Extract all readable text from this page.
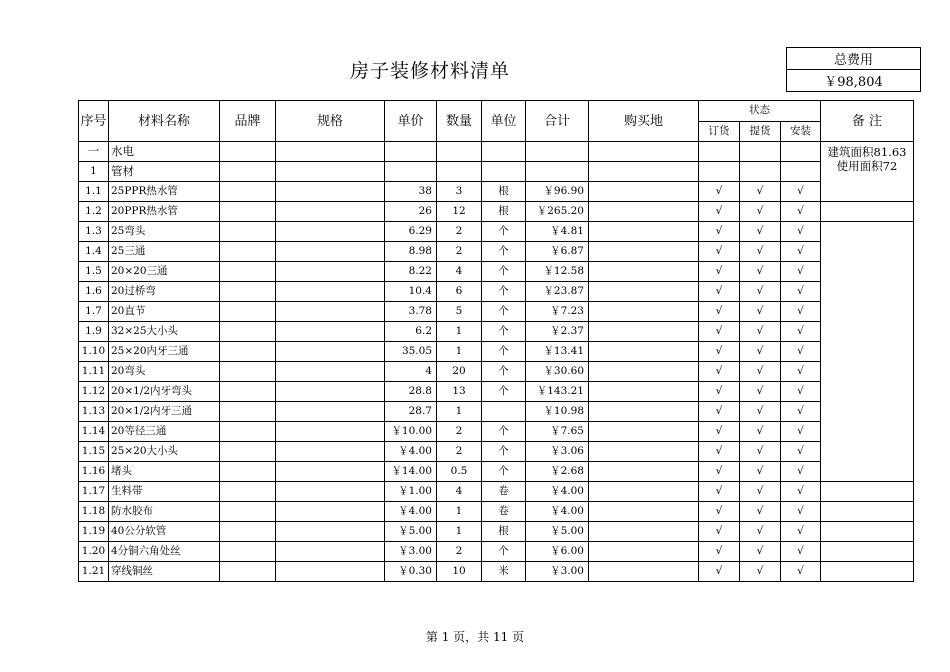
房子装修材料清单	总费用
￥98,804
序号	材料名称	品牌	规格	单价	数量	单位	合计	购买地	状态			备 注
									订货	提货	安装	
一	水电											建筑面积81.63 使用面积72
1	管材											
1.1	25PPR热水管			38	3	根	￥96.90		√	√	√	
1.2	20PPR热水管			26	12	根	￥265.20		√	√	√	
1.3	25弯头			6.29	2	个	￥4.81		√	√	√	
1.4	25三通			8.98	2	个	￥6.87		√	√	√	
1.5	20×20三通			8.22	4	个	￥12.58		√	√	√	
1.6	20过桥弯			10.4	6	个	￥23.87		√	√	√	
1.7	20直节			3.78	5	个	￥7.23		√	√	√	
1.9	32×25大小头			6.2	1	个	￥2.37		√	√	√	
1.10	25×20内牙三通			35.05	1	个	￥13.41		√	√	√	
1.11	20弯头			4	20	个	￥30.60		√	√	√	
1.12	20×1/2内牙弯头			28.8	13	个	￥143.21		√	√	√	
1.13	20×1/2内牙三通			28.7	1		￥10.98		√	√	√	
1.14	20等径三通			￥10.00	2	个	￥7.65		√	√	√	
1.15	25×20大小头			￥4.00	2	个	￥3.06		√	√	√	
1.16	堵头			￥14.00	0.5	个	￥2.68		√	√	√	
1.17	生料带			￥1.00	4	卷	￥4.00		√	√	√	
1.18	防水胶布			￥4.00	1	卷	￥4.00		√	√	√	
1.19	40公分软管			￥5.00	1	根	￥5.00		√	√	√	
1.20	4分铜六角处丝			￥3.00	2	个	￥6.00		√	√	√	
1.21	穿线铜丝			￥0.30	10	米	￥3.00		√	√	√	
第 1 页，共 11 页
